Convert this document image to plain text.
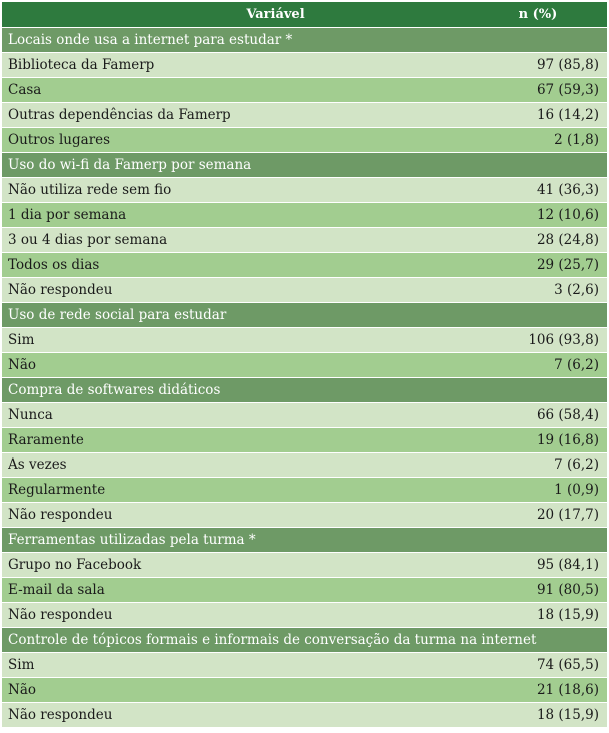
Variável	n (%)
Locais onde usa a internet para estudar *
Biblioteca da Famerp	97 (85,8)
Casa	67 (59,3)
Outras dependências da Famerp	16 (14,2)
Outros lugares	2 (1,8)
Uso do wi-fi da Famerp por semana
Não utiliza rede sem fio	41 (36,3)
1 dia por semana	12 (10,6)
3 ou 4 dias por semana	28 (24,8)
Todos os dias	29 (25,7)
Não respondeu	3 (2,6)
Uso de rede social para estudar
Sim	106 (93,8)
Não	7 (6,2)
Compra de softwares didáticos
Nunca	66 (58,4)
Raramente	19 (16,8)
Às vezes	7 (6,2)
Regularmente	1 (0,9)
Não respondeu	20 (17,7)
Ferramentas utilizadas pela turma *
Grupo no Facebook	95 (84,1)
E-mail da sala	91 (80,5)
Não respondeu	18 (15,9)
Controle de tópicos formais e informais de conversação da turma na internet
Sim	74 (65,5)
Não	21 (18,6)
Não respondeu	18 (15,9)
